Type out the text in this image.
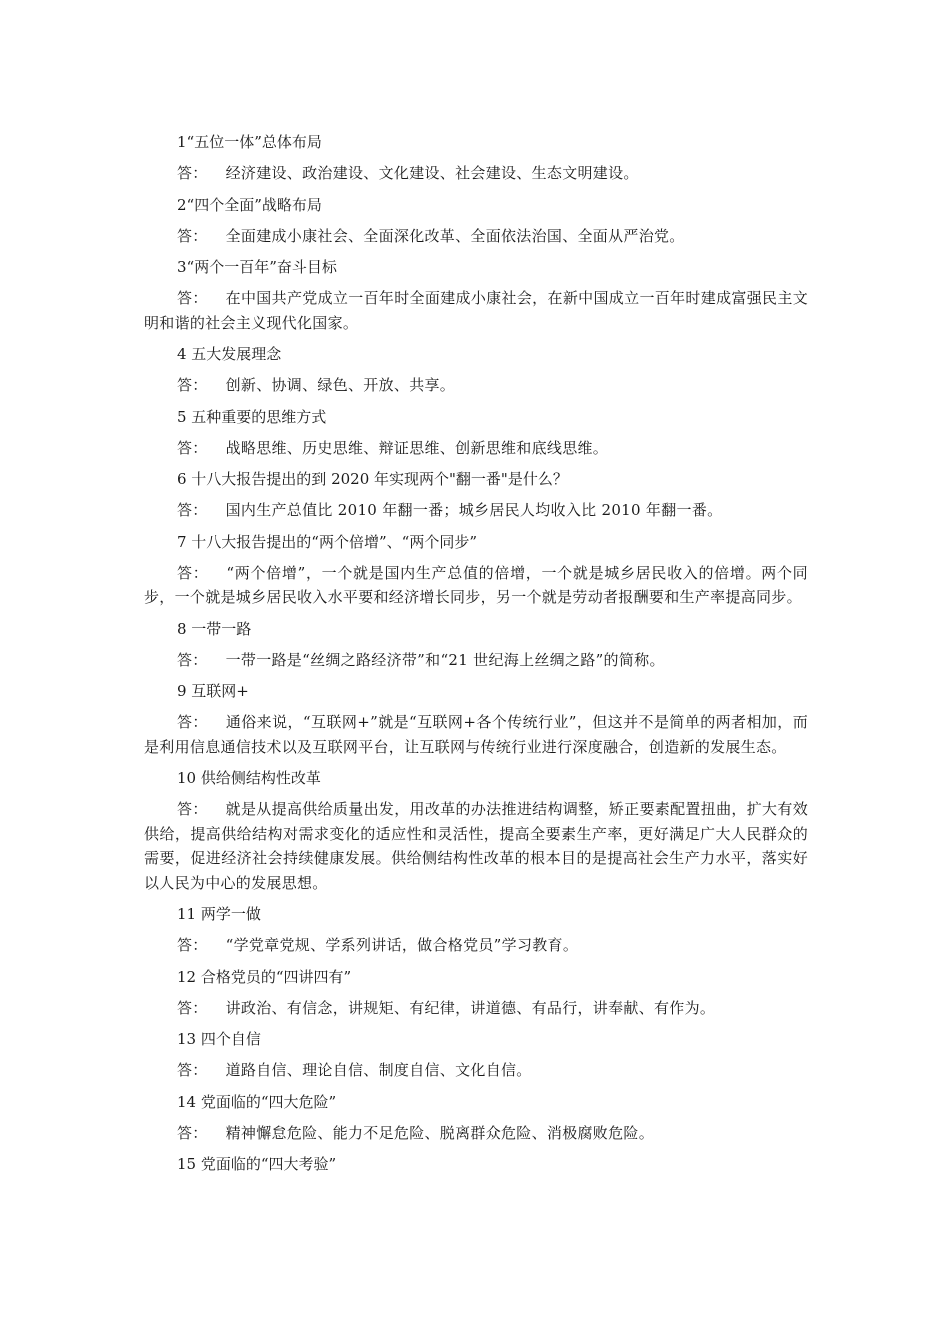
1“五位一体”总体布局

答： 经济建设、政治建设、文化建设、社会建设、生态文明建设。

2“四个全面”战略布局

答： 全面建成小康社会、全面深化改革、全面依法治国、全面从严治党。

3“两个一百年”奋斗目标

答： 在中国共产党成立一百年时全面建成小康社会，在新中国成立一百年时建成富强民主文明和谐的社会主义现代化国家。

4 五大发展理念

答： 创新、协调、绿色、开放、共享。

5 五种重要的思维方式

答： 战略思维、历史思维、辩证思维、创新思维和底线思维。

6 十八大报告提出的到 2020 年实现两个"翻一番"是什么？

答： 国内生产总值比 2010 年翻一番；城乡居民人均收入比 2010 年翻一番。

7 十八大报告提出的“两个倍增”、“两个同步”

答： “两个倍增”，一个就是国内生产总值的倍增，一个就是城乡居民收入的倍增。两个同步，一个就是城乡居民收入水平要和经济增长同步，另一个就是劳动者报酬要和生产率提高同步。

8 一带一路

答： 一带一路是“丝绸之路经济带”和“21 世纪海上丝绸之路”的简称。

9 互联网+

答： 通俗来说，“互联网+”就是“互联网+各个传统行业”，但这并不是简单的两者相加，而是利用信息通信技术以及互联网平台，让互联网与传统行业进行深度融合，创造新的发展生态。

10 供给侧结构性改革

答： 就是从提高供给质量出发，用改革的办法推进结构调整，矫正要素配置扭曲，扩大有效供给，提高供给结构对需求变化的适应性和灵活性，提高全要素生产率，更好满足广大人民群众的需要，促进经济社会持续健康发展。供给侧结构性改革的根本目的是提高社会生产力水平，落实好以人民为中心的发展思想。

11 两学一做

答： “学党章党规、学系列讲话，做合格党员”学习教育。

12 合格党员的“四讲四有”

答： 讲政治、有信念，讲规矩、有纪律，讲道德、有品行，讲奉献、有作为。

13 四个自信

答： 道路自信、理论自信、制度自信、文化自信。

14 党面临的“四大危险”

答： 精神懈怠危险、能力不足危险、脱离群众危险、消极腐败危险。

15 党面临的“四大考验”
